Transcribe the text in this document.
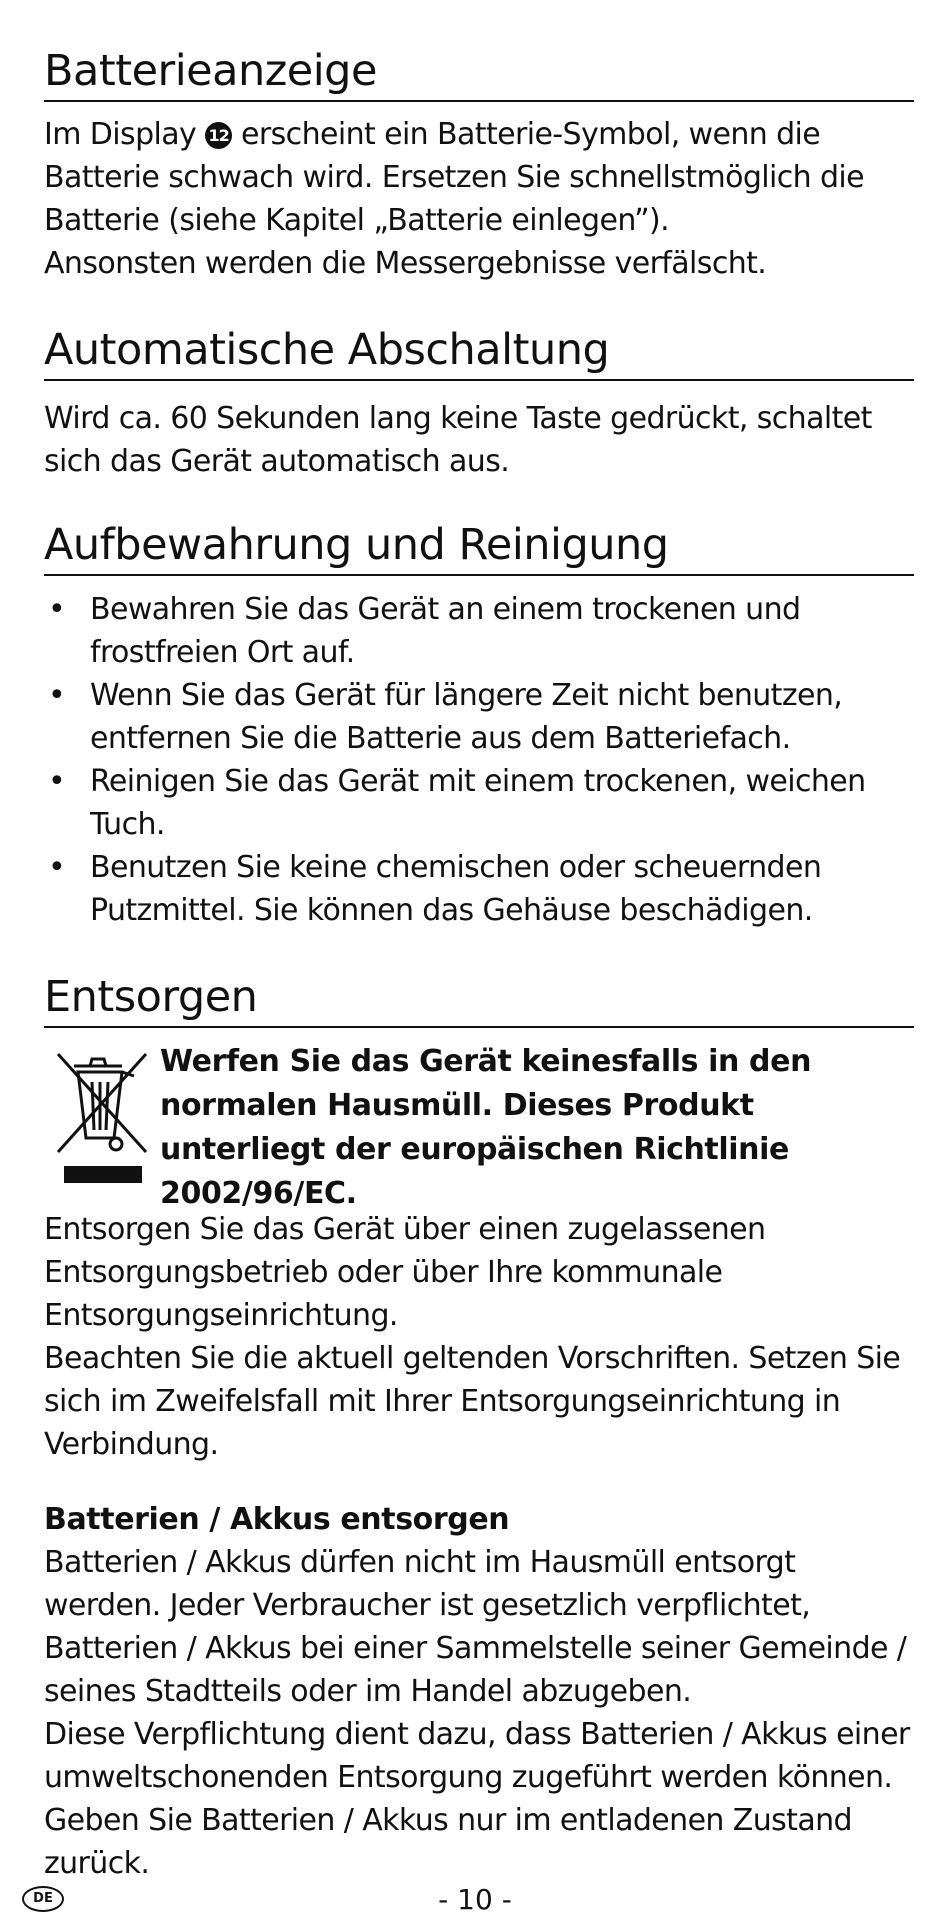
Batterieanzeige

Im Display 12 erscheint ein Batterie-Symbol, wenn die Batterie schwach wird. Ersetzen Sie schnellstmöglich die Batterie (siehe Kapitel „Batterie einlegen”).

Ansonsten werden die Messergebnisse verfälscht.

Automatische Abschaltung

Wird ca. 60 Sekunden lang keine Taste gedrückt, schaltet sich das Gerät automatisch aus.

Aufbewahrung und Reinigung
• Bewahren Sie das Gerät an einem trockenen und frostfreien Ort auf.
• Wenn Sie das Gerät für längere Zeit nicht benutzen, entfernen Sie die Batterie aus dem Batteriefach.
• Reinigen Sie das Gerät mit einem trockenen, weichen Tuch.
• Benutzen Sie keine chemischen oder scheuernden Putzmittel. Sie können das Gehäuse beschädigen.
Entsorgen

Werfen Sie das Gerät keinesfalls in den normalen Hausmüll. Dieses Produkt unterliegt der europäischen Richtlinie 2002/96/EC.

Entsorgen Sie das Gerät über einen zugelassenen Entsorgungsbetrieb oder über Ihre kommunale Entsorgungseinrichtung.

Beachten Sie die aktuell geltenden Vorschriften. Setzen Sie sich im Zweifelsfall mit Ihrer Entsorgungseinrichtung in Verbindung.

Batterien / Akkus entsorgen

Batterien / Akkus dürfen nicht im Hausmüll entsorgt werden. Jeder Verbraucher ist gesetzlich verpflichtet, Batterien / Akkus bei einer Sammelstelle seiner Gemeinde / seines Stadtteils oder im Handel abzugeben.

Diese Verpflichtung dient dazu, dass Batterien / Akkus einer umweltschonenden Entsorgung zugeführt werden können. Geben Sie Batterien / Akkus nur im entladenen Zustand zurück.

DE	- 10 -
